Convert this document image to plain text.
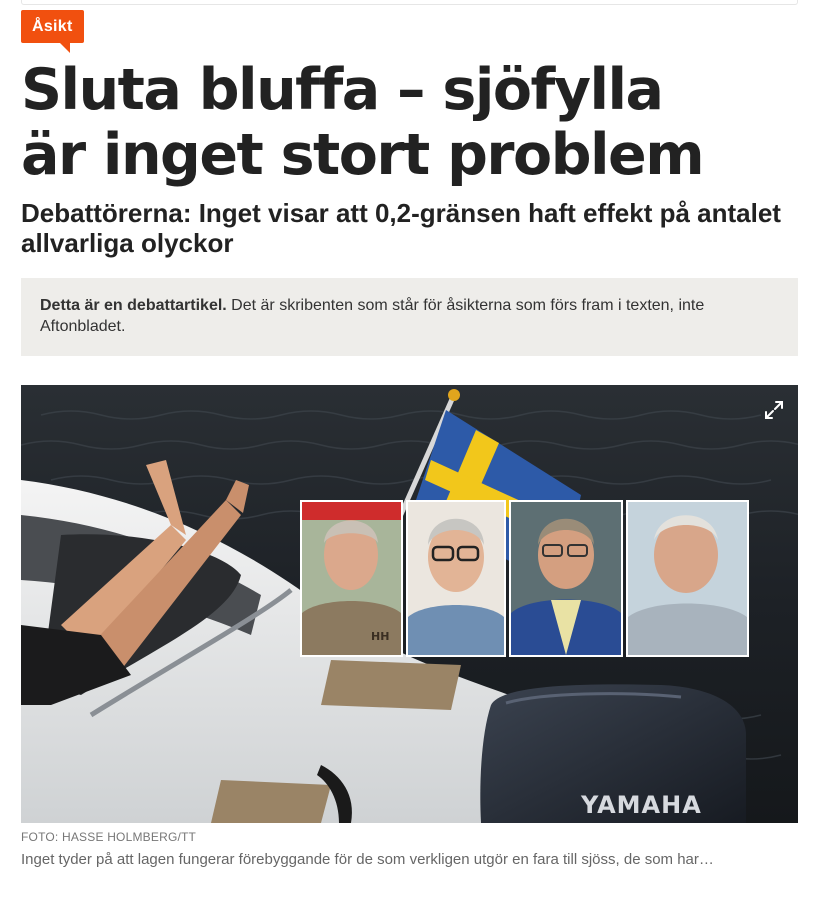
Åsikt
Sluta bluffa – sjöfylla
är inget stort problem
Debattörerna: Inget visar att 0,2-gränsen haft effekt på antalet allvarliga olyckor
Detta är en debattartikel. Det är skribenten som står för åsikterna som förs fram i texten, inte Aftonbladet.
YAMAHA
HH
FOTO: HASSE HOLMBERG/TT
Inget tyder på att lagen fungerar förebyggande för de som verkligen utgör en fara till sjöss, de som har…
